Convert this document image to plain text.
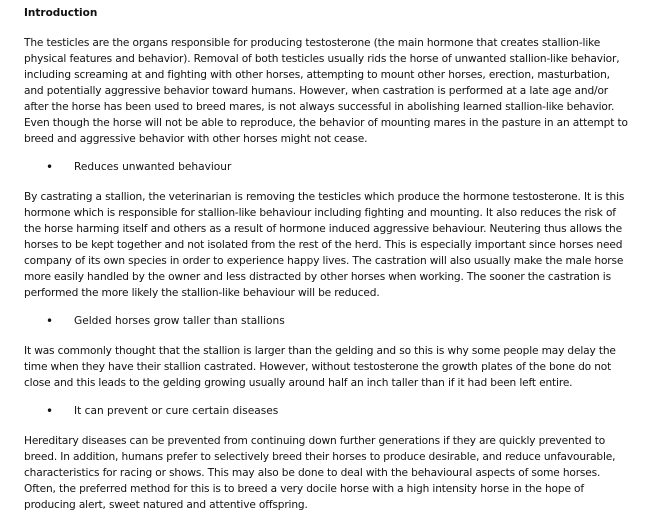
Introduction

The testicles are the organs responsible for producing testosterone (the main hormone that creates stallion-like physical features and behavior). Removal of both testicles usually rids the horse of unwanted stallion-like behavior, including screaming at and fighting with other horses, attempting to mount other horses, erection, masturbation, and potentially aggressive behavior toward humans. However, when castration is performed at a late age and/or after the horse has been used to breed mares, is not always successful in abolishing learned stallion-like behavior. Even though the horse will not be able to reproduce, the behavior of mounting mares in the pasture in an attempt to breed and aggressive behavior with other horses might not cease.

•	Reduces unwanted behaviour

By castrating a stallion, the veterinarian is removing the testicles which produce the hormone testosterone. It is this hormone which is responsible for stallion-like behaviour including fighting and mounting. It also reduces the risk of the horse harming itself and others as a result of hormone induced aggressive behaviour. Neutering thus allows the horses to be kept together and not isolated from the rest of the herd. This is especially important since horses need company of its own species in order to experience happy lives. The castration will also usually make the male horse more easily handled by the owner and less distracted by other horses when working. The sooner the castration is performed the more likely the stallion-like behaviour will be reduced.

•	Gelded horses grow taller than stallions

It was commonly thought that the stallion is larger than the gelding and so this is why some people may delay the time when they have their stallion castrated. However, without testosterone the growth plates of the bone do not close and this leads to the gelding growing usually around half an inch taller than if it had been left entire.

•	It can prevent or cure certain diseases

Hereditary diseases can be prevented from continuing down further generations if they are quickly prevented to breed. In addition, humans prefer to selectively breed their horses to produce desirable, and reduce unfavourable, characteristics for racing or shows. This may also be done to deal with the behavioural aspects of some horses. Often, the preferred method for this is to breed a very docile horse with a high intensity horse in the hope of producing alert, sweet natured and attentive offspring.
